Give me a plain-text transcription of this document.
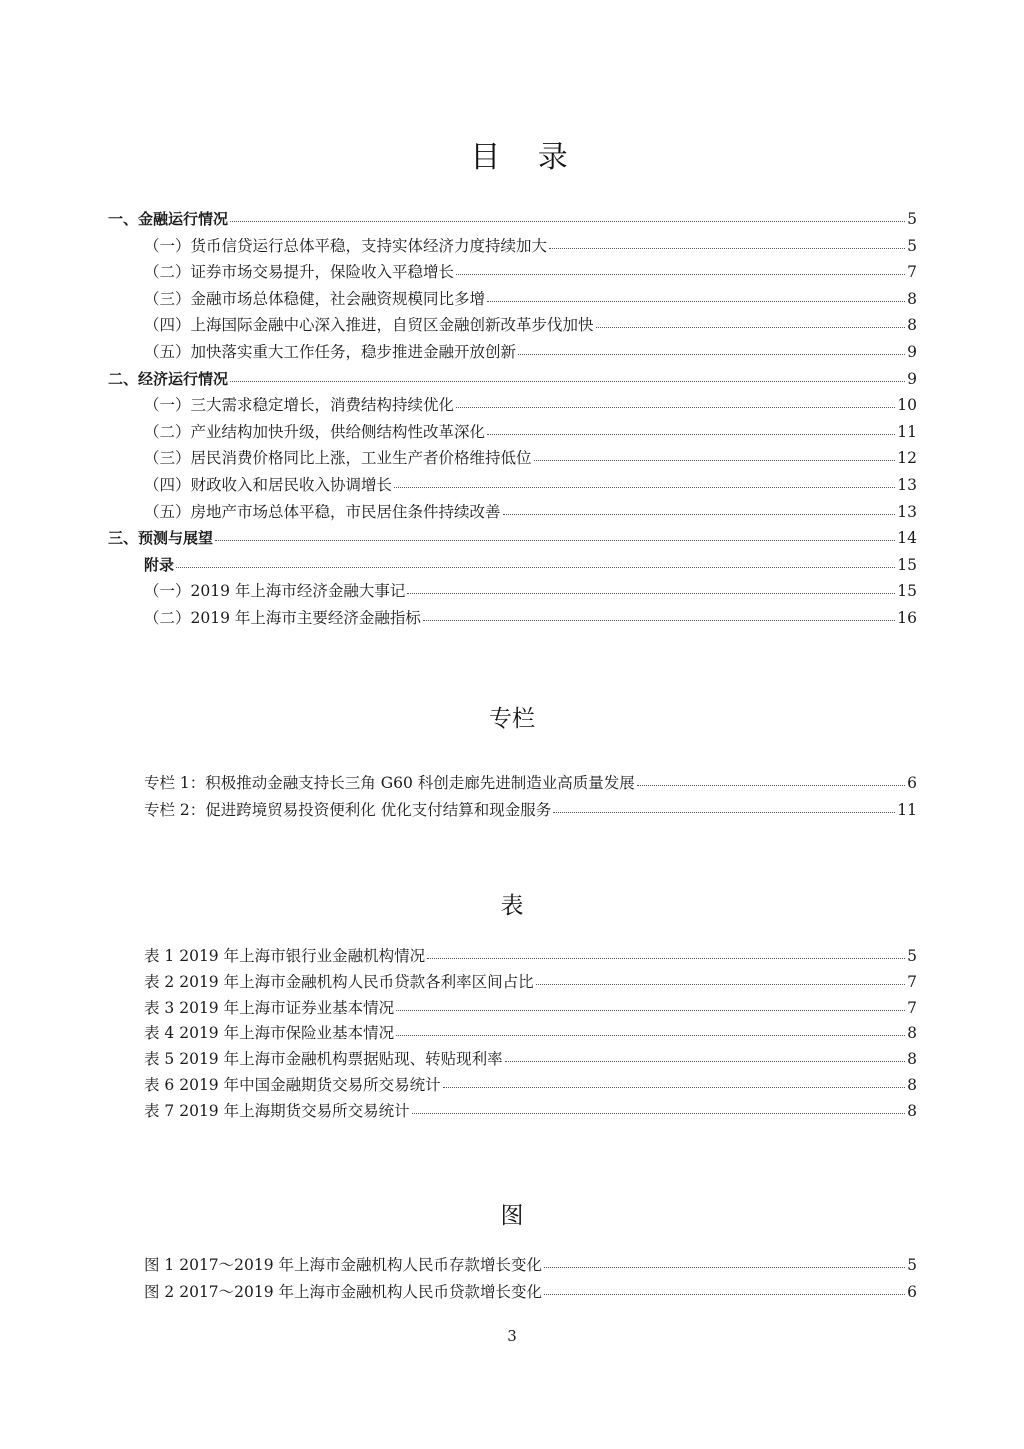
目 录
一、金融运行情况	5
（一）货币信贷运行总体平稳，支持实体经济力度持续加大	5
（二）证券市场交易提升，保险收入平稳增长	7
（三）金融市场总体稳健，社会融资规模同比多增	8
（四）上海国际金融中心深入推进，自贸区金融创新改革步伐加快	8
（五）加快落实重大工作任务，稳步推进金融开放创新	9
二、经济运行情况	9
（一）三大需求稳定增长，消费结构持续优化	10
（二）产业结构加快升级，供给侧结构性改革深化	11
（三）居民消费价格同比上涨，工业生产者价格维持低位	12
（四）财政收入和居民收入协调增长	13
（五）房地产市场总体平稳，市民居住条件持续改善	13
三、预测与展望	14
附录	15
（一）2019 年上海市经济金融大事记	15
（二）2019 年上海市主要经济金融指标	16
专栏
专栏 1：积极推动金融支持长三角 G60 科创走廊先进制造业高质量发展	6
专栏 2：促进跨境贸易投资便利化 优化支付结算和现金服务	11
表
表 1 2019 年上海市银行业金融机构情况	5
表 2 2019 年上海市金融机构人民币贷款各利率区间占比	7
表 3 2019 年上海市证券业基本情况	7
表 4 2019 年上海市保险业基本情况	8
表 5 2019 年上海市金融机构票据贴现、转贴现利率	8
表 6 2019 年中国金融期货交易所交易统计	8
表 7 2019 年上海期货交易所交易统计	8
图
图 1 2017～2019 年上海市金融机构人民币存款增长变化	5
图 2 2017～2019 年上海市金融机构人民币贷款增长变化	6
3
